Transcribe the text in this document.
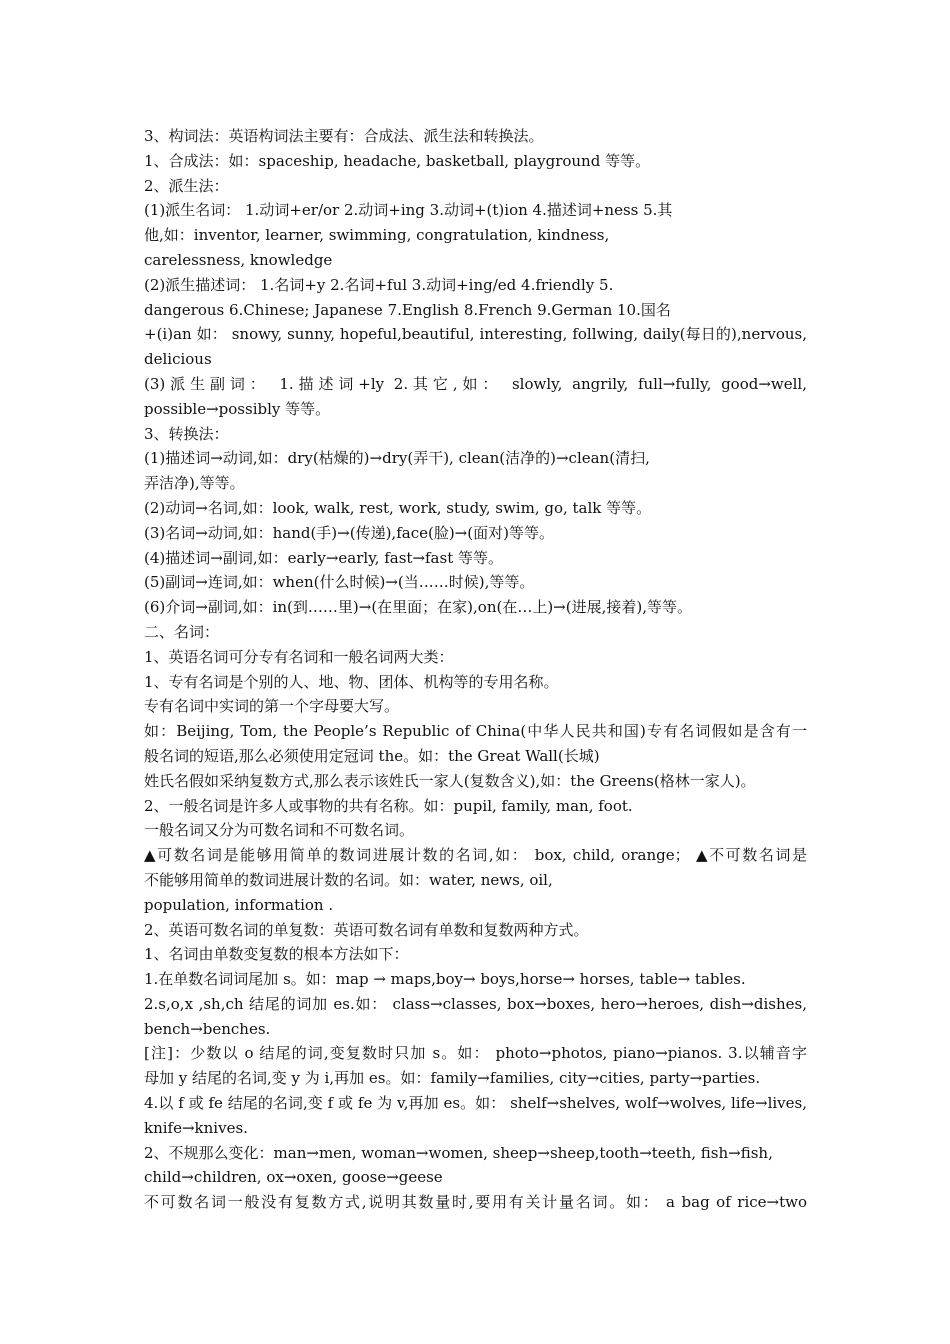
3、构词法：英语构词法主要有：合成法、派生法和转换法。
1、合成法：如：spaceship, headache, basketball, playground 等等。
2、派生法：
(1)派生名词： 1.动词+er/or 2.动词+ing 3.动词+(t)ion 4.描述词+ness 5.其
他,如：inventor, learner, swimming, congratulation, kindness,
carelessness, knowledge
(2)派生描述词： 1.名词+y 2.名词+ful 3.动词+ing/ed 4.friendly 5.
dangerous 6.Chinese; Japanese 7.English 8.French 9.German 10.国名
+(i)an 如： snowy, sunny, hopeful,beautiful, interesting, follwing, daily(每日的),nervous,
delicious
(3)派生副词： 1.描述词+ly 2.其它,如： slowly, angrily, full→fully, good→well,
possible→possibly 等等。
3、转换法：
(1)描述词→动词,如：dry(枯燥的)→dry(弄干), clean(洁净的)→clean(清扫,
弄洁净),等等。
(2)动词→名词,如：look, walk, rest, work, study, swim, go, talk 等等。
(3)名词→动词,如：hand(手)→(传递),face(脸)→(面对)等等。
(4)描述词→副词,如：early→early, fast→fast 等等。
(5)副词→连词,如：when(什么时候)→(当……时候),等等。
(6)介词→副词,如：in(到……里)→(在里面；在家),on(在…上)→(进展,接着),等等。
二、名词：
1、英语名词可分专有名词和一般名词两大类：
1、专有名词是个别的人、地、物、团体、机构等的专用名称。
专有名词中实词的第一个字母要大写。
如：Beijing, Tom, the People’s Republic of China(中华人民共和国)专有名词假如是含有一
般名词的短语,那么必须使用定冠词 the。如：the Great Wall(长城)
姓氏名假如采纳复数方式,那么表示该姓氏一家人(复数含义),如：the Greens(格林一家人)。
2、一般名词是许多人或事物的共有名称。如：pupil, family, man, foot.
一般名词又分为可数名词和不可数名词。
▲可数名词是能够用简单的数词进展计数的名词,如： box, child, orange； ▲不可数名词是
不能够用简单的数词进展计数的名词。如：water, news, oil,
population, information .
2、英语可数名词的单复数：英语可数名词有单数和复数两种方式。
1、名词由单数变复数的根本方法如下：
1.在单数名词词尾加 s。如：map → maps,boy→ boys,horse→ horses, table→ tables.
2.s,o,x ,sh,ch 结尾的词加 es.如： class→classes, box→boxes, hero→heroes, dish→dishes,
bench→benches.
[注]：少数以 o 结尾的词,变复数时只加 s。如： photo→photos, piano→pianos. 3.以辅音字
母加 y 结尾的名词,变 y 为 i,再加 es。如：family→families, city→cities, party→parties.
4.以 f 或 fe 结尾的名词,变 f 或 fe 为 v,再加 es。如： shelf→shelves, wolf→wolves, life→lives,
knife→knives.
2、不规那么变化：man→men, woman→women, sheep→sheep,tooth→teeth, fish→fish,
child→children, ox→oxen, goose→geese
不可数名词一般没有复数方式,说明其数量时,要用有关计量名词。如： a bag of rice→two
